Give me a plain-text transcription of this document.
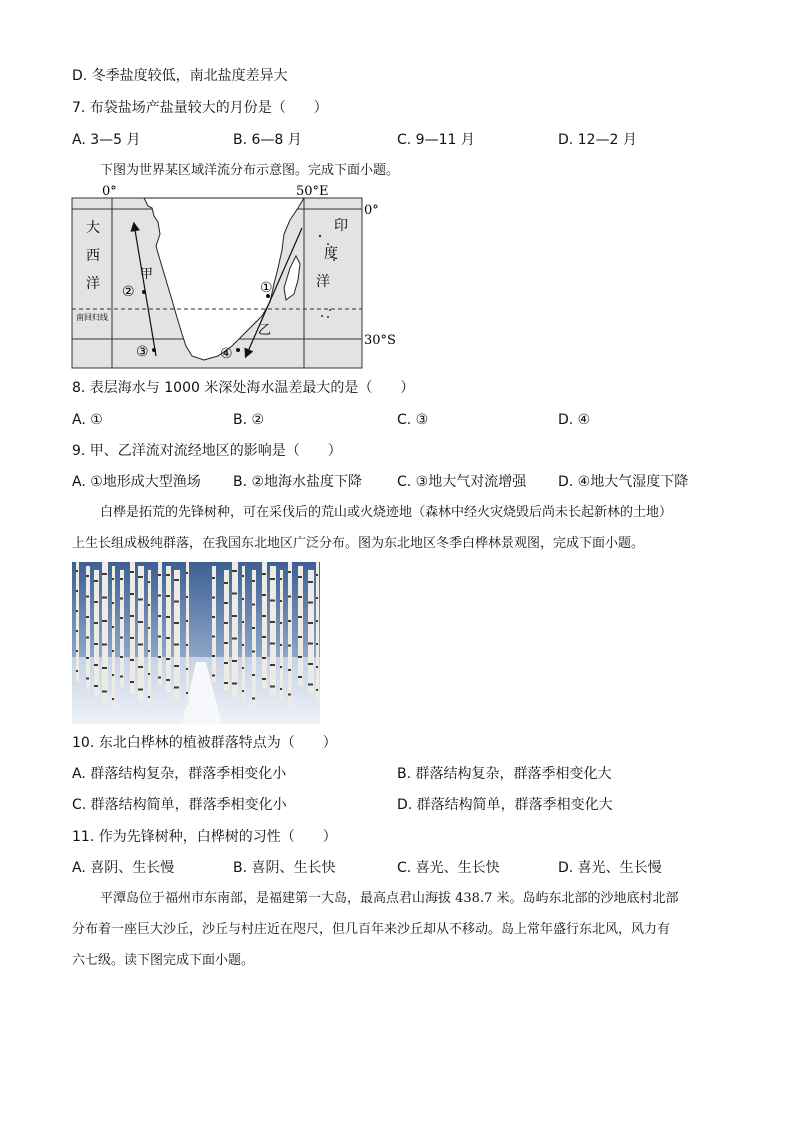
D. 冬季盐度较低，南北盐度差异大
7. 布袋盐场产盐量较大的月份是（　　）
A. 3—5 月	B. 6—8 月	C. 9—11 月	D. 12—2 月
下图为世界某区域洋流分布示意图。完成下面小题。
0°	50°E
0°
30°S
大
西
洋
印
度
洋
南回归线
甲
乙
①
②
③	④
8. 表层海水与 1000 米深处海水温差最大的是（　　）
A. ①	B. ②	C. ③	D. ④
9. 甲、乙洋流对流经地区的影响是（　　）
A. ①地形成大型渔场 B. ②地海水盐度下降 C. ③地大气对流增强 D. ④地大气湿度下降
白桦是拓荒的先锋树种，可在采伐后的荒山或火烧迹地（森林中经火灾烧毁后尚未长起新林的土地）
上生长组成极纯群落，在我国东北地区广泛分布。图为东北地区冬季白桦林景观图，完成下面小题。
10. 东北白桦林的植被群落特点为（　　）
A. 群落结构复杂，群落季相变化小	B. 群落结构复杂，群落季相变化大
C. 群落结构简单，群落季相变化小	D. 群落结构简单，群落季相变化大
11. 作为先锋树种，白桦树的习性（　　）
A. 喜阴、生长慢	B. 喜阴、生长快	C. 喜光、生长快	D. 喜光、生长慢
平潭岛位于福州市东南部，是福建第一大岛，最高点君山海拔 438.7 米。岛屿东北部的沙地底村北部
分布着一座巨大沙丘，沙丘与村庄近在咫尺，但几百年来沙丘却从不移动。岛上常年盛行东北风，风力有
六七级。读下图完成下面小题。
